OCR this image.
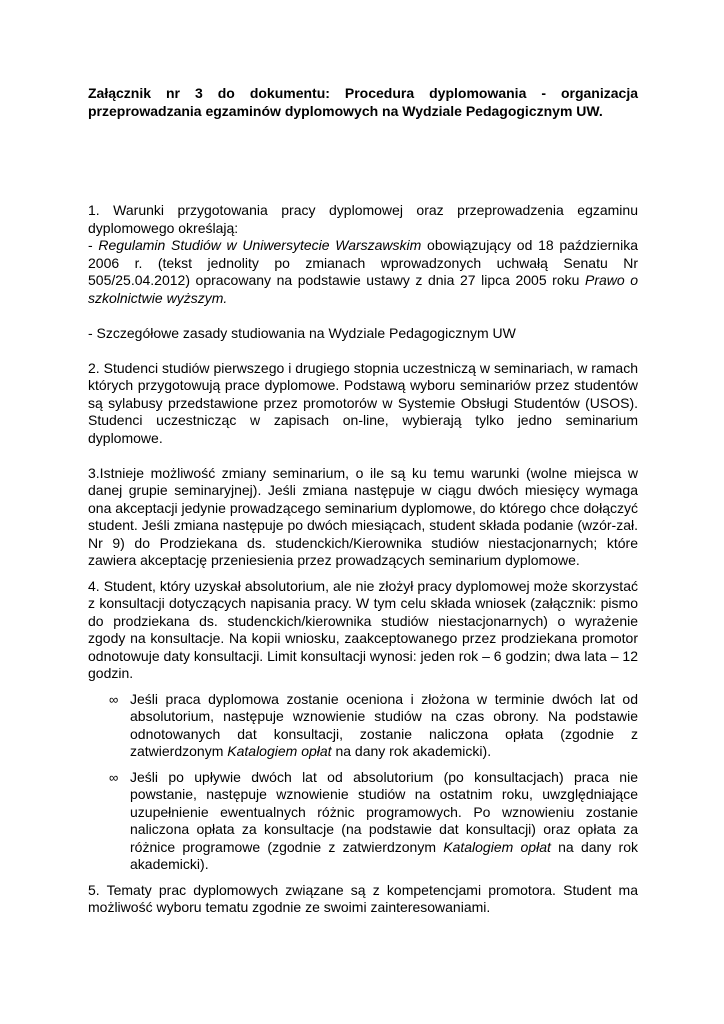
Załącznik nr 3 do dokumentu: Procedura dyplomowania - organizacja przeprowadzania egzaminów dyplomowych na Wydziale Pedagogicznym UW.

1. Warunki przygotowania pracy dyplomowej oraz przeprowadzenia egzaminu dyplomowego określają:

- Regulamin Studiów w Uniwersytecie Warszawskim obowiązujący od 18 października 2006 r. (tekst jednolity po zmianach wprowadzonych uchwałą Senatu Nr 505/25.04.2012) opracowany na podstawie ustawy z dnia 27 lipca 2005 roku Prawo o szkolnictwie wyższym.

- Szczegółowe zasady studiowania na Wydziale Pedagogicznym UW

2. Studenci studiów pierwszego i drugiego stopnia uczestniczą w seminariach, w ramach których przygotowują prace dyplomowe. Podstawą wyboru seminariów przez studentów są sylabusy przedstawione przez promotorów w Systemie Obsługi Studentów (USOS). Studenci uczestnicząc w zapisach on-line, wybierają tylko jedno seminarium dyplomowe.

3.Istnieje możliwość zmiany seminarium, o ile są ku temu warunki (wolne miejsca w danej grupie seminaryjnej). Jeśli zmiana następuje w ciągu dwóch miesięcy wymaga ona akceptacji jedynie prowadzącego seminarium dyplomowe, do którego chce dołączyć student. Jeśli zmiana następuje po dwóch miesiącach, student składa podanie (wzór-zał. Nr 9) do Prodziekana ds. studenckich/Kierownika studiów niestacjonarnych; które zawiera akceptację przeniesienia przez prowadzących seminarium dyplomowe.

4. Student, który uzyskał absolutorium, ale nie złożył pracy dyplomowej może skorzystać z konsultacji dotyczących napisania pracy. W tym celu składa wniosek (załącznik: pismo do prodziekana ds. studenckich/kierownika studiów niestacjonarnych) o wyrażenie zgody na konsultacje. Na kopii wniosku, zaakceptowanego przez prodziekana promotor odnotowuje daty konsultacji. Limit konsultacji wynosi: jeden rok – 6 godzin; dwa lata – 12 godzin.

∞ Jeśli praca dyplomowa zostanie oceniona i złożona w terminie dwóch lat od absolutorium, następuje wznowienie studiów na czas obrony. Na podstawie odnotowanych dat konsultacji, zostanie naliczona opłata (zgodnie z zatwierdzonym Katalogiem opłat na dany rok akademicki).
∞ Jeśli po upływie dwóch lat od absolutorium (po konsultacjach) praca nie powstanie, następuje wznowienie studiów na ostatnim roku, uwzględniające uzupełnienie ewentualnych różnic programowych. Po wznowieniu zostanie naliczona opłata za konsultacje (na podstawie dat konsultacji) oraz opłata za różnice programowe (zgodnie z zatwierdzonym Katalogiem opłat na dany rok akademicki).

5. Tematy prac dyplomowych związane są z kompetencjami promotora. Student ma możliwość wyboru tematu zgodnie ze swoimi zainteresowaniami.
